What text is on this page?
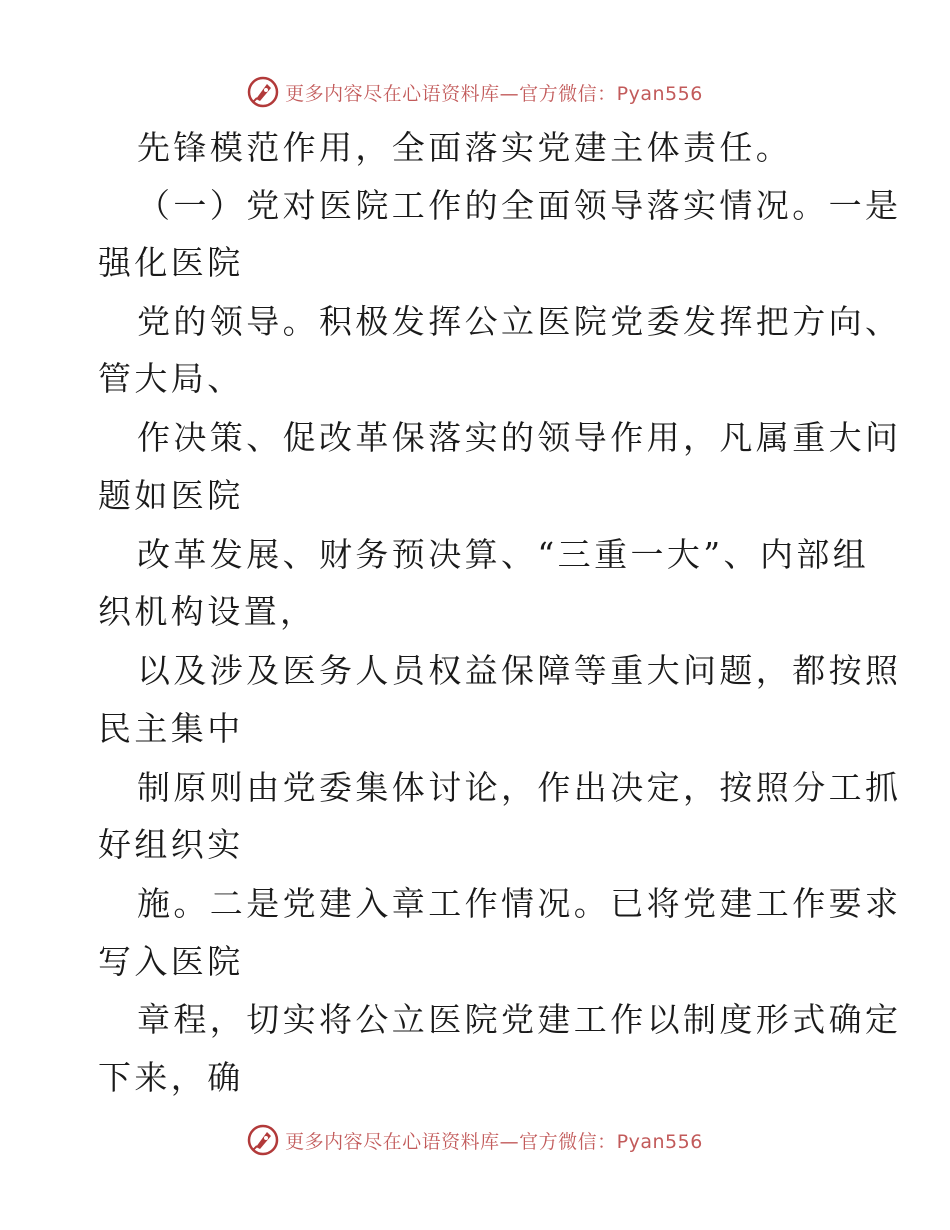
更多内容尽在心语资料库—官方微信：Pyan556
先锋模范作用，全面落实党建主体责任。
（一）党对医院工作的全面领导落实情况。一是
强化医院
党的领导。积极发挥公立医院党委发挥把方向、
管大局、
作决策、促改革保落实的领导作用，凡属重大问
题如医院
改革发展、财务预决算、“三重一大”、内部组
织机构设置，
以及涉及医务人员权益保障等重大问题，都按照
民主集中
制原则由党委集体讨论，作出决定，按照分工抓
好组织实
施。二是党建入章工作情况。已将党建工作要求
写入医院
章程，切实将公立医院党建工作以制度形式确定
下来，确
更多内容尽在心语资料库—官方微信：Pyan556
